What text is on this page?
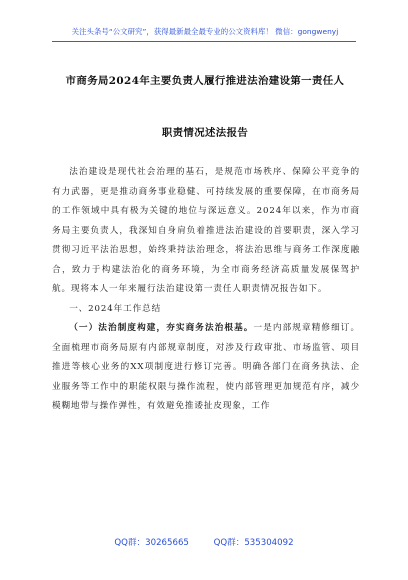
关注头条号“公文研究”，获得最新最全最专业的公文资料库！ 微信：gongwenyj
市商务局2024年主要负责人履行推进法治建设第一责任人
职责情况述法报告

法治建设是现代社会治理的基石，是规范市场秩序、保障公平竞争的有力武器，更是推动商务事业稳健、可持续发展的重要保障，在市商务局的工作领域中具有极为关键的地位与深远意义。2024年以来，作为市商务局主要负责人，我深知自身肩负着推进法治建设的首要职责，深入学习贯彻习近平法治思想，始终秉持法治理念，将法治思维与商务工作深度融合，致力于构建法治化的商务环境，为全市商务经济高质量发展保驾护航。现将本人一年来履行法治建设第一责任人职责情况报告如下。

一、2024年工作总结

（一）法治制度构建，夯实商务法治根基。一是内部规章精修细订。全面梳理市商务局原有内部规章制度，对涉及行政审批、市场监管、项目推进等核心业务的XX项制度进行修订完善。明确各部门在商务执法、企业服务等工作中的职能权限与操作流程，使内部管理更加规范有序，减少模糊地带与操作弹性，有效避免推诿扯皮现象，工作

QQ群：30265665	QQ群：535304092
